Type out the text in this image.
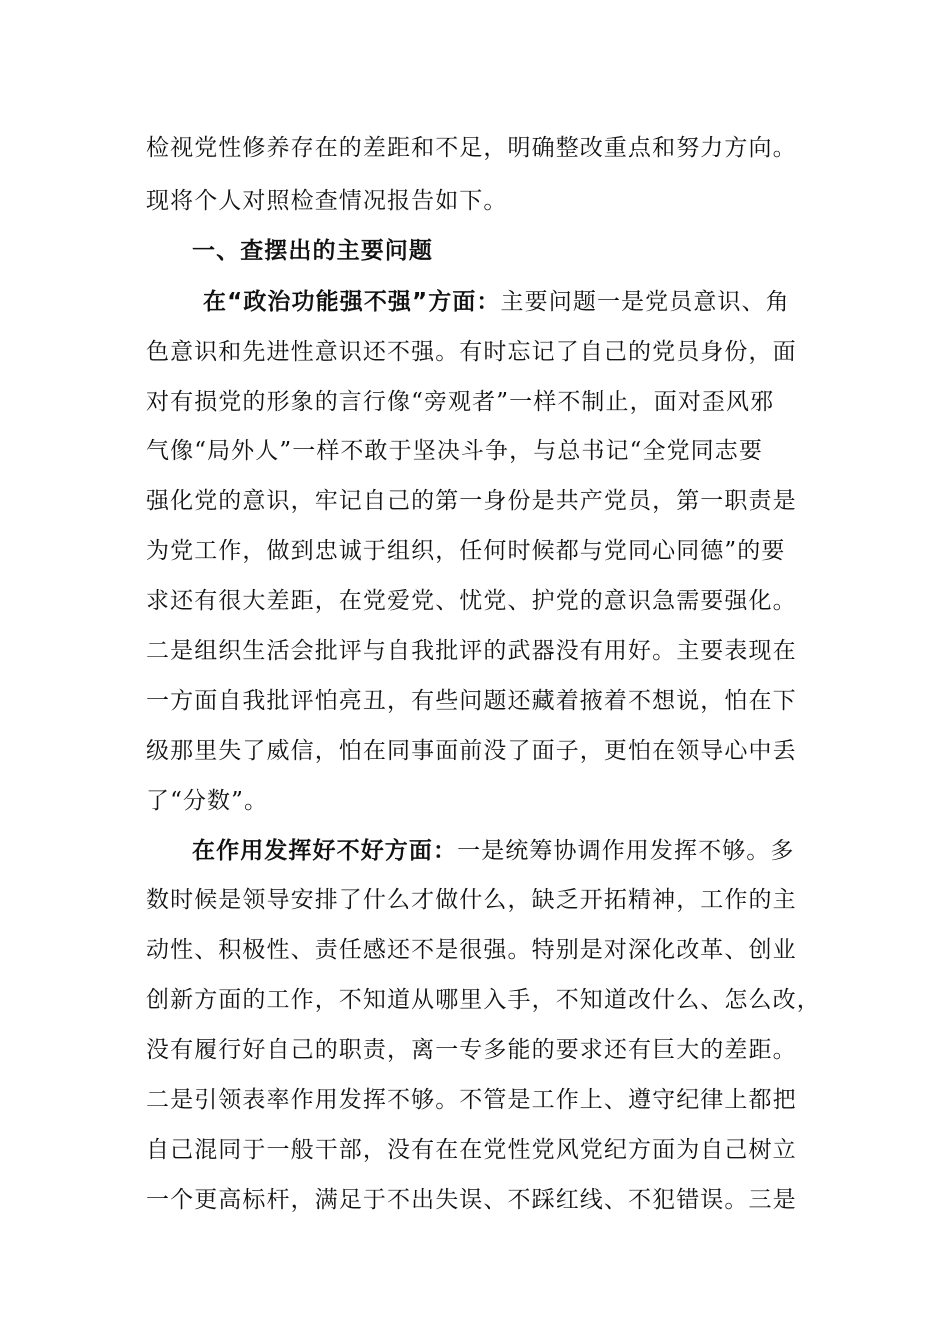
检视党性修养存在的差距和不足，明确整改重点和努力方向。
现将个人对照检查情况报告如下。
一、查摆出的主要问题
在“政治功能强不强”方面：主要问题一是党员意识、角
色意识和先进性意识还不强。有时忘记了自己的党员身份，面
对有损党的形象的言行像“旁观者”一样不制止，面对歪风邪
气像“局外人”一样不敢于坚决斗争，与总书记“全党同志要
强化党的意识，牢记自己的第一身份是共产党员，第一职责是
为党工作，做到忠诚于组织，任何时候都与党同心同德”的要
求还有很大差距，在党爱党、忧党、护党的意识急需要强化。
二是组织生活会批评与自我批评的武器没有用好。主要表现在
一方面自我批评怕亮丑，有些问题还藏着掖着不想说，怕在下
级那里失了威信，怕在同事面前没了面子，更怕在领导心中丢
了“分数”。
在作用发挥好不好方面：一是统筹协调作用发挥不够。多
数时候是领导安排了什么才做什么，缺乏开拓精神，工作的主
动性、积极性、责任感还不是很强。特别是对深化改革、创业
创新方面的工作，不知道从哪里入手，不知道改什么、怎么改，
没有履行好自己的职责，离一专多能的要求还有巨大的差距。
二是引领表率作用发挥不够。不管是工作上、遵守纪律上都把
自己混同于一般干部，没有在在党性党风党纪方面为自己树立
一个更高标杆，满足于不出失误、不踩红线、不犯错误。三是
